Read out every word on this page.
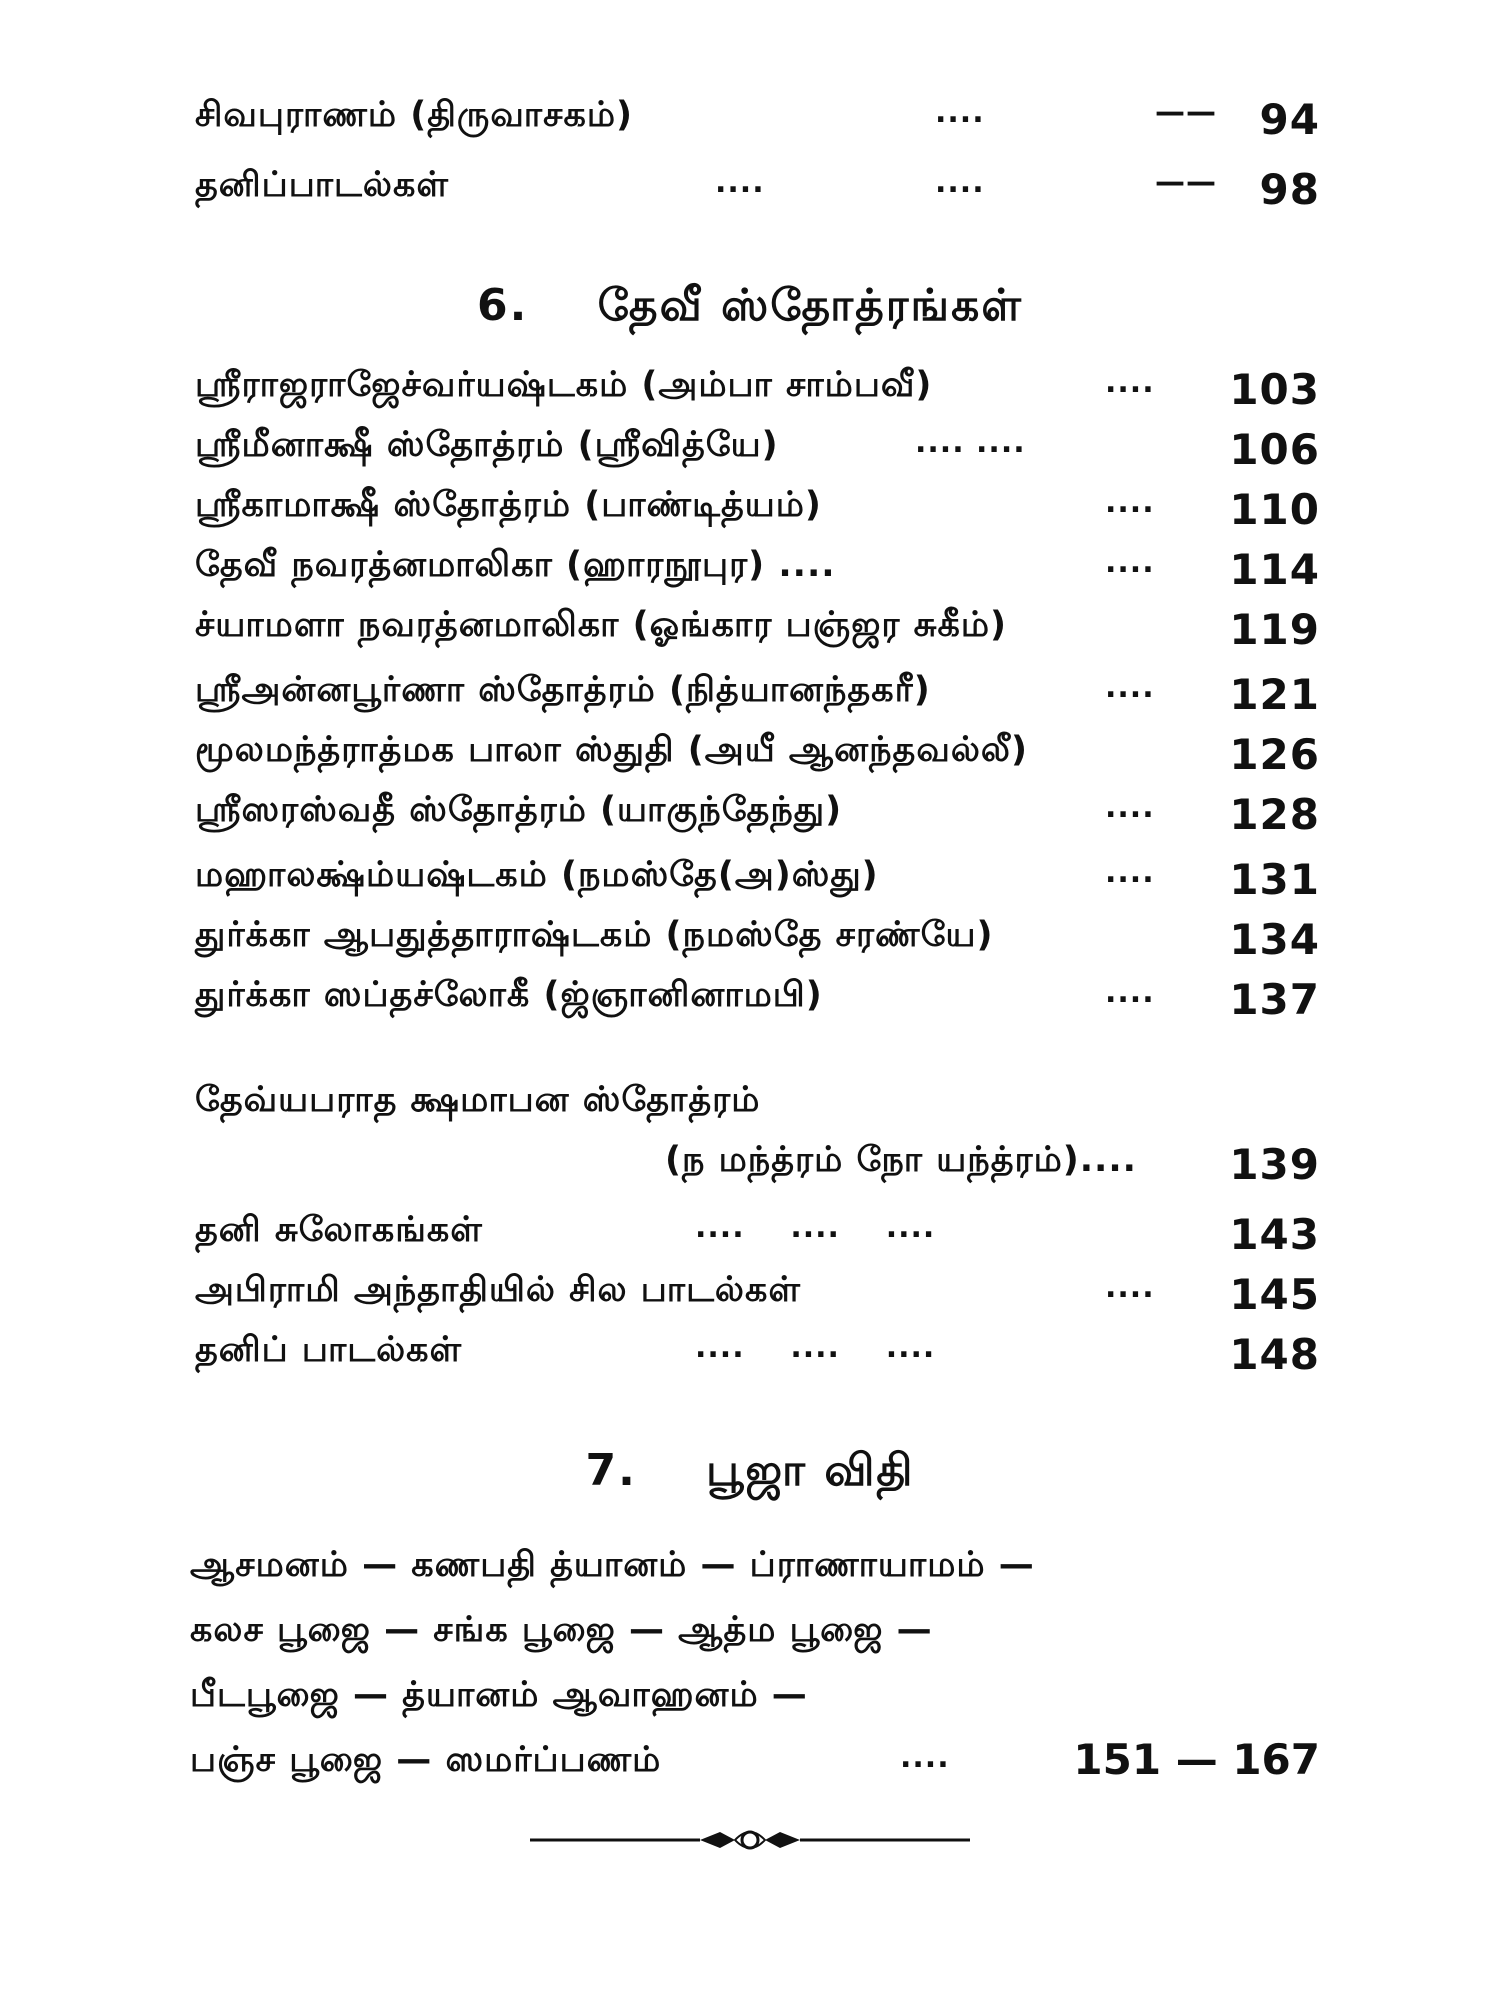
சிவபுராணம் (திருவாசகம்)	....	—— 94
தனிப்பாடல்கள்	....	....	—— 98
6. தேவீ ஸ்தோத்ரங்கள்
ஸ்ரீராஜராஜேச்வர்யஷ்டகம் (அம்பா சாம்பவீ)	.... 103
ஸ்ரீமீனாக்ஷீ ஸ்தோத்ரம் (ஸ்ரீவித்யே)	.... ....	106
ஸ்ரீகாமாக்ஷீ ஸ்தோத்ரம் (பாண்டித்யம்)	.... 110
தேவீ நவரத்னமாலிகா (ஹாரநூபுர) ....	.... 114
ச்யாமளா நவரத்னமாலிகா (ஓங்கார பஞ்ஜர சுகீம்)	119
ஸ்ரீஅன்னபூர்ணா ஸ்தோத்ரம் (நித்யானந்தகரீ)	.... 121
மூலமந்த்ராத்மக பாலா ஸ்துதி (அயீ ஆனந்தவல்லீ)	126
ஸ்ரீஸரஸ்வதீ ஸ்தோத்ரம் (யாகுந்தேந்து)	.... 128
மஹாலக்ஷ்ம்யஷ்டகம் (நமஸ்தே(அ)ஸ்து)	.... 131
துர்க்கா ஆபதுத்தாராஷ்டகம் (நமஸ்தே சரண்யே)	134
துர்க்கா ஸப்தச்லோகீ (ஜ்ஞானினாமபி)	.... 137
தேவ்யபராத க்ஷமாபன ஸ்தோத்ரம்
(ந மந்த்ரம் நோ யந்த்ரம்).... 139
தனி சுலோகங்கள்	....    ....    ....	143
அபிராமி அந்தாதியில் சில பாடல்கள்	.... 145
தனிப் பாடல்கள்	....    ....    ....	148
7. பூஜா விதி
ஆசமனம் — கணபதி த்யானம் — ப்ராணாயாமம் —
கலச பூஜை — சங்க பூஜை — ஆத்ம பூஜை —
பீடபூஜை — த்யானம் ஆவாஹனம் —
பஞ்ச பூஜை — ஸமர்ப்பணம்	....	151 — 167
